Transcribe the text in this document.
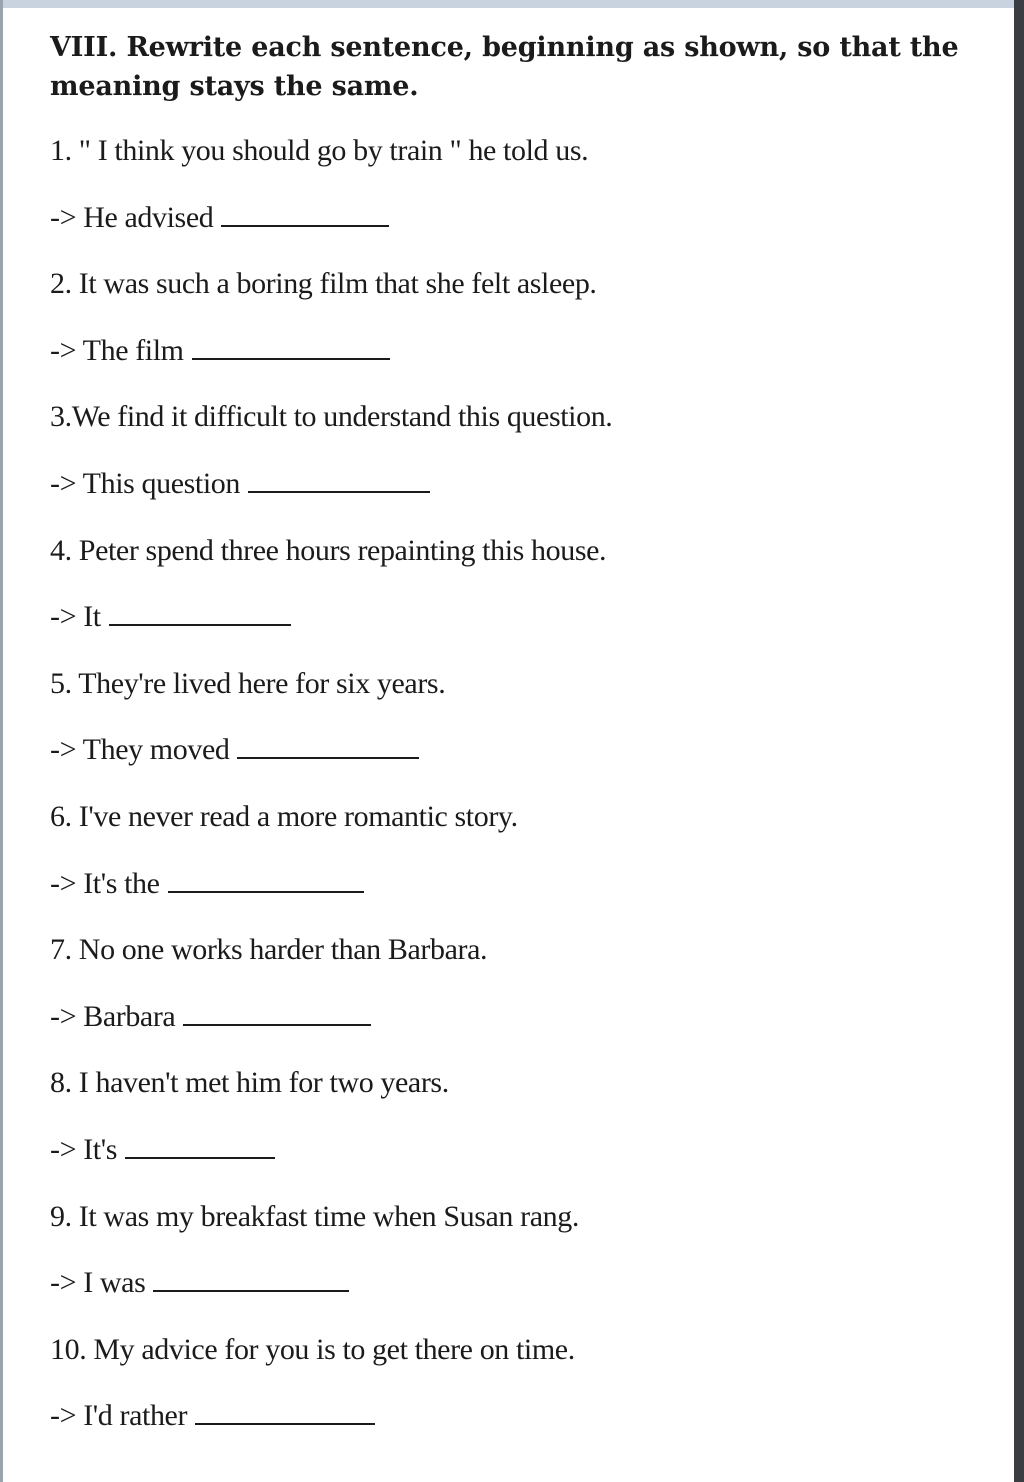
VIII. Rewrite each sentence, beginning as shown, so that the meaning stays the same.
1. " I think you should go by train " he told us.
-> He advised
2. It was such a boring film that she felt asleep.
-> The film
3.We find it difficult to understand this question.
-> This question
4. Peter spend three hours repainting this house.
-> It
5. They're lived here for six years.
-> They moved
6. I've never read a more romantic story.
-> It's the
7. No one works harder than Barbara.
-> Barbara
8. I haven't met him for two years.
-> It's
9. It was my breakfast time when Susan rang.
-> I was
10. My advice for you is to get there on time.
-> I'd rather
